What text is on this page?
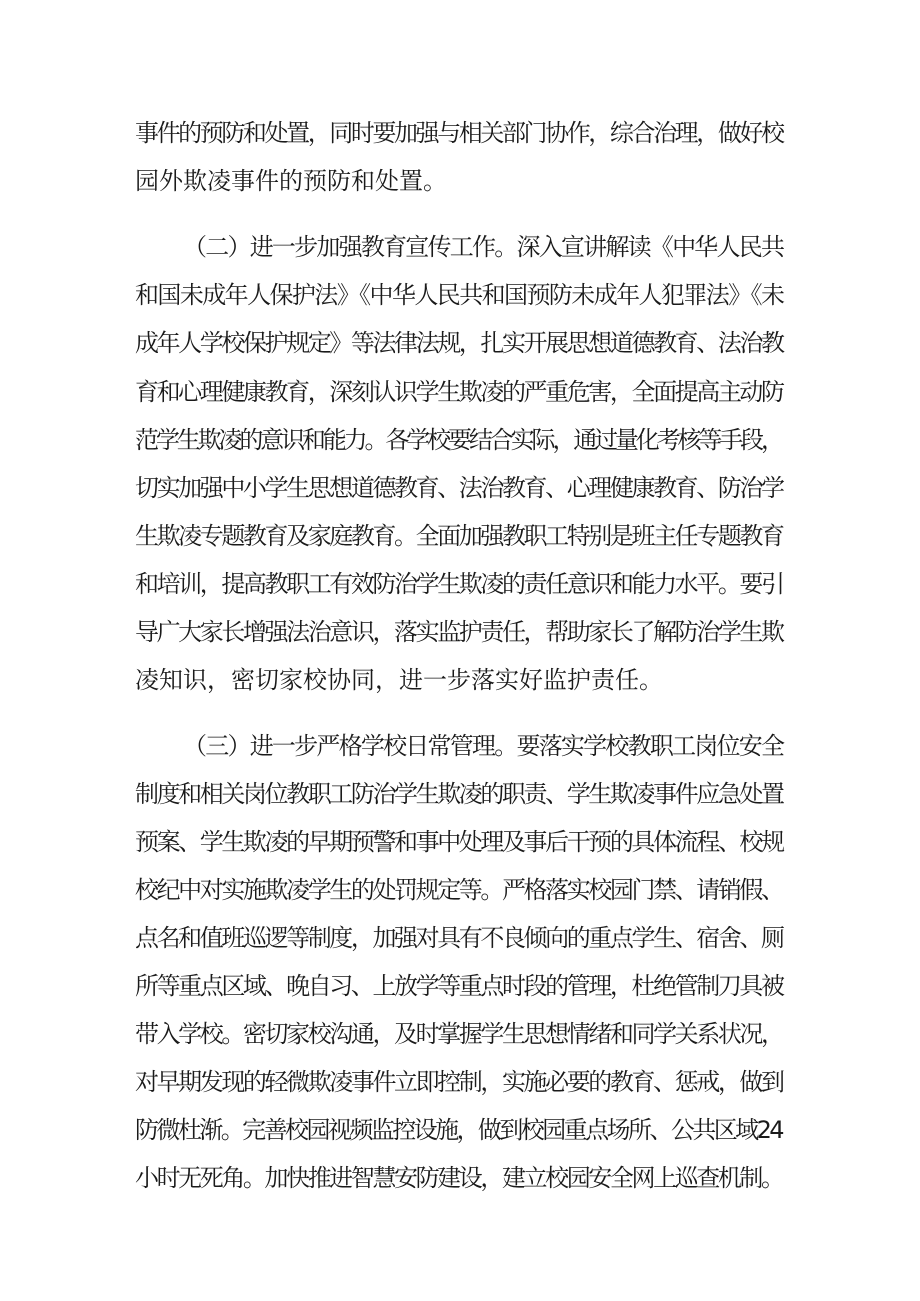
事件的预防和处置，同时要加强与相关部门协作，综合治理，做好校
园外欺凌事件的预防和处置。
（二）进一步加强教育宣传工作。深入宣讲解读《中华人民共
和国未成年人保护法》《中华人民共和国预防未成年人犯罪法》《未
成年人学校保护规定》等法律法规，扎实开展思想道德教育、法治教
育和心理健康教育，深刻认识学生欺凌的严重危害，全面提高主动防
范学生欺凌的意识和能力。各学校要结合实际，通过量化考核等手段，
切实加强中小学生思想道德教育、法治教育、心理健康教育、防治学
生欺凌专题教育及家庭教育。全面加强教职工特别是班主任专题教育
和培训，提高教职工有效防治学生欺凌的责任意识和能力水平。要引
导广大家长增强法治意识，落实监护责任，帮助家长了解防治学生欺
凌知识，密切家校协同，进一步落实好监护责任。
（三）进一步严格学校日常管理。要落实学校教职工岗位安全
制度和相关岗位教职工防治学生欺凌的职责、学生欺凌事件应急处置
预案、学生欺凌的早期预警和事中处理及事后干预的具体流程、校规
校纪中对实施欺凌学生的处罚规定等。严格落实校园门禁、请销假、
点名和值班巡逻等制度，加强对具有不良倾向的重点学生、宿舍、厕
所等重点区域、晚自习、上放学等重点时段的管理，杜绝管制刀具被
带入学校。密切家校沟通，及时掌握学生思想情绪和同学关系状况，
对早期发现的轻微欺凌事件立即控制，实施必要的教育、惩戒，做到
防微杜渐。完善校园视频监控设施，做到校园重点场所、公共区域24
小时无死角。加快推进智慧安防建设，建立校园安全网上巡查机制。
